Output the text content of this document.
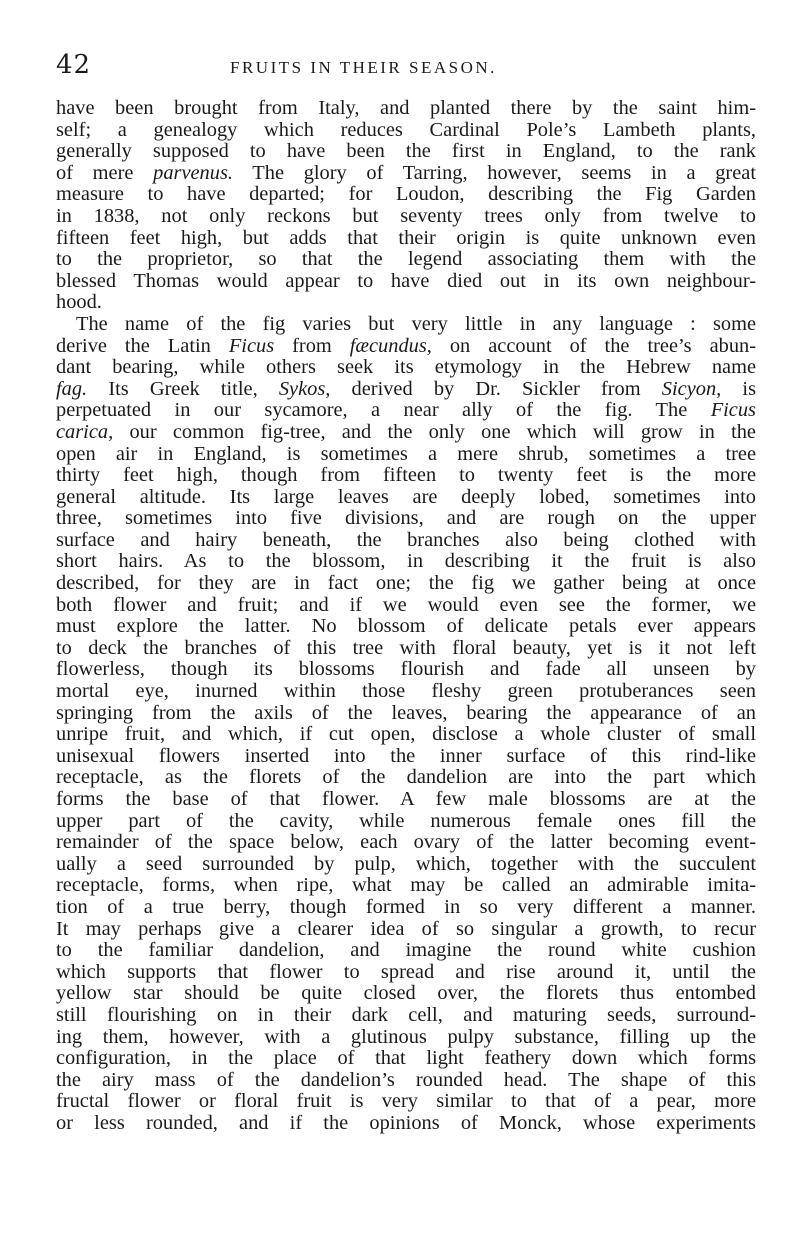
42	FRUITS IN THEIR SEASON.
have been brought from Italy, and planted there by the saint him-
self; a genealogy which reduces Cardinal Pole’s Lambeth plants,
generally supposed to have been the first in England, to the rank
of mere parvenus. The glory of Tarring, however, seems in a great
measure to have departed; for Loudon, describing the Fig Garden
in 1838, not only reckons but seventy trees only from twelve to
fifteen feet high, but adds that their origin is quite unknown even
to the proprietor, so that the legend associating them with the
blessed Thomas would appear to have died out in its own neighbour-
hood.
The name of the fig varies but very little in any language : some
derive the Latin Ficus from fæcundus, on account of the tree’s abun-
dant bearing, while others seek its etymology in the Hebrew name
fag. Its Greek title, Sykos, derived by Dr. Sickler from Sicyon, is
perpetuated in our sycamore, a near ally of the fig. The Ficus
carica, our common fig-tree, and the only one which will grow in the
open air in England, is sometimes a mere shrub, sometimes a tree
thirty feet high, though from fifteen to twenty feet is the more
general altitude. Its large leaves are deeply lobed, sometimes into
three, sometimes into five divisions, and are rough on the upper
surface and hairy beneath, the branches also being clothed with
short hairs. As to the blossom, in describing it the fruit is also
described, for they are in fact one; the fig we gather being at once
both flower and fruit; and if we would even see the former, we
must explore the latter. No blossom of delicate petals ever appears
to deck the branches of this tree with floral beauty, yet is it not left
flowerless, though its blossoms flourish and fade all unseen by
mortal eye, inurned within those fleshy green protuberances seen
springing from the axils of the leaves, bearing the appearance of an
unripe fruit, and which, if cut open, disclose a whole cluster of small
unisexual flowers inserted into the inner surface of this rind-like
receptacle, as the florets of the dandelion are into the part which
forms the base of that flower. A few male blossoms are at the
upper part of the cavity, while numerous female ones fill the
remainder of the space below, each ovary of the latter becoming event-
ually a seed surrounded by pulp, which, together with the succulent
receptacle, forms, when ripe, what may be called an admirable imita-
tion of a true berry, though formed in so very different a manner.
It may perhaps give a clearer idea of so singular a growth, to recur
to the familiar dandelion, and imagine the round white cushion
which supports that flower to spread and rise around it, until the
yellow star should be quite closed over, the florets thus entombed
still flourishing on in their dark cell, and maturing seeds, surround-
ing them, however, with a glutinous pulpy substance, filling up the
configuration, in the place of that light feathery down which forms
the airy mass of the dandelion’s rounded head. The shape of this
fructal flower or floral fruit is very similar to that of a pear, more
or less rounded, and if the opinions of Monck, whose experiments
